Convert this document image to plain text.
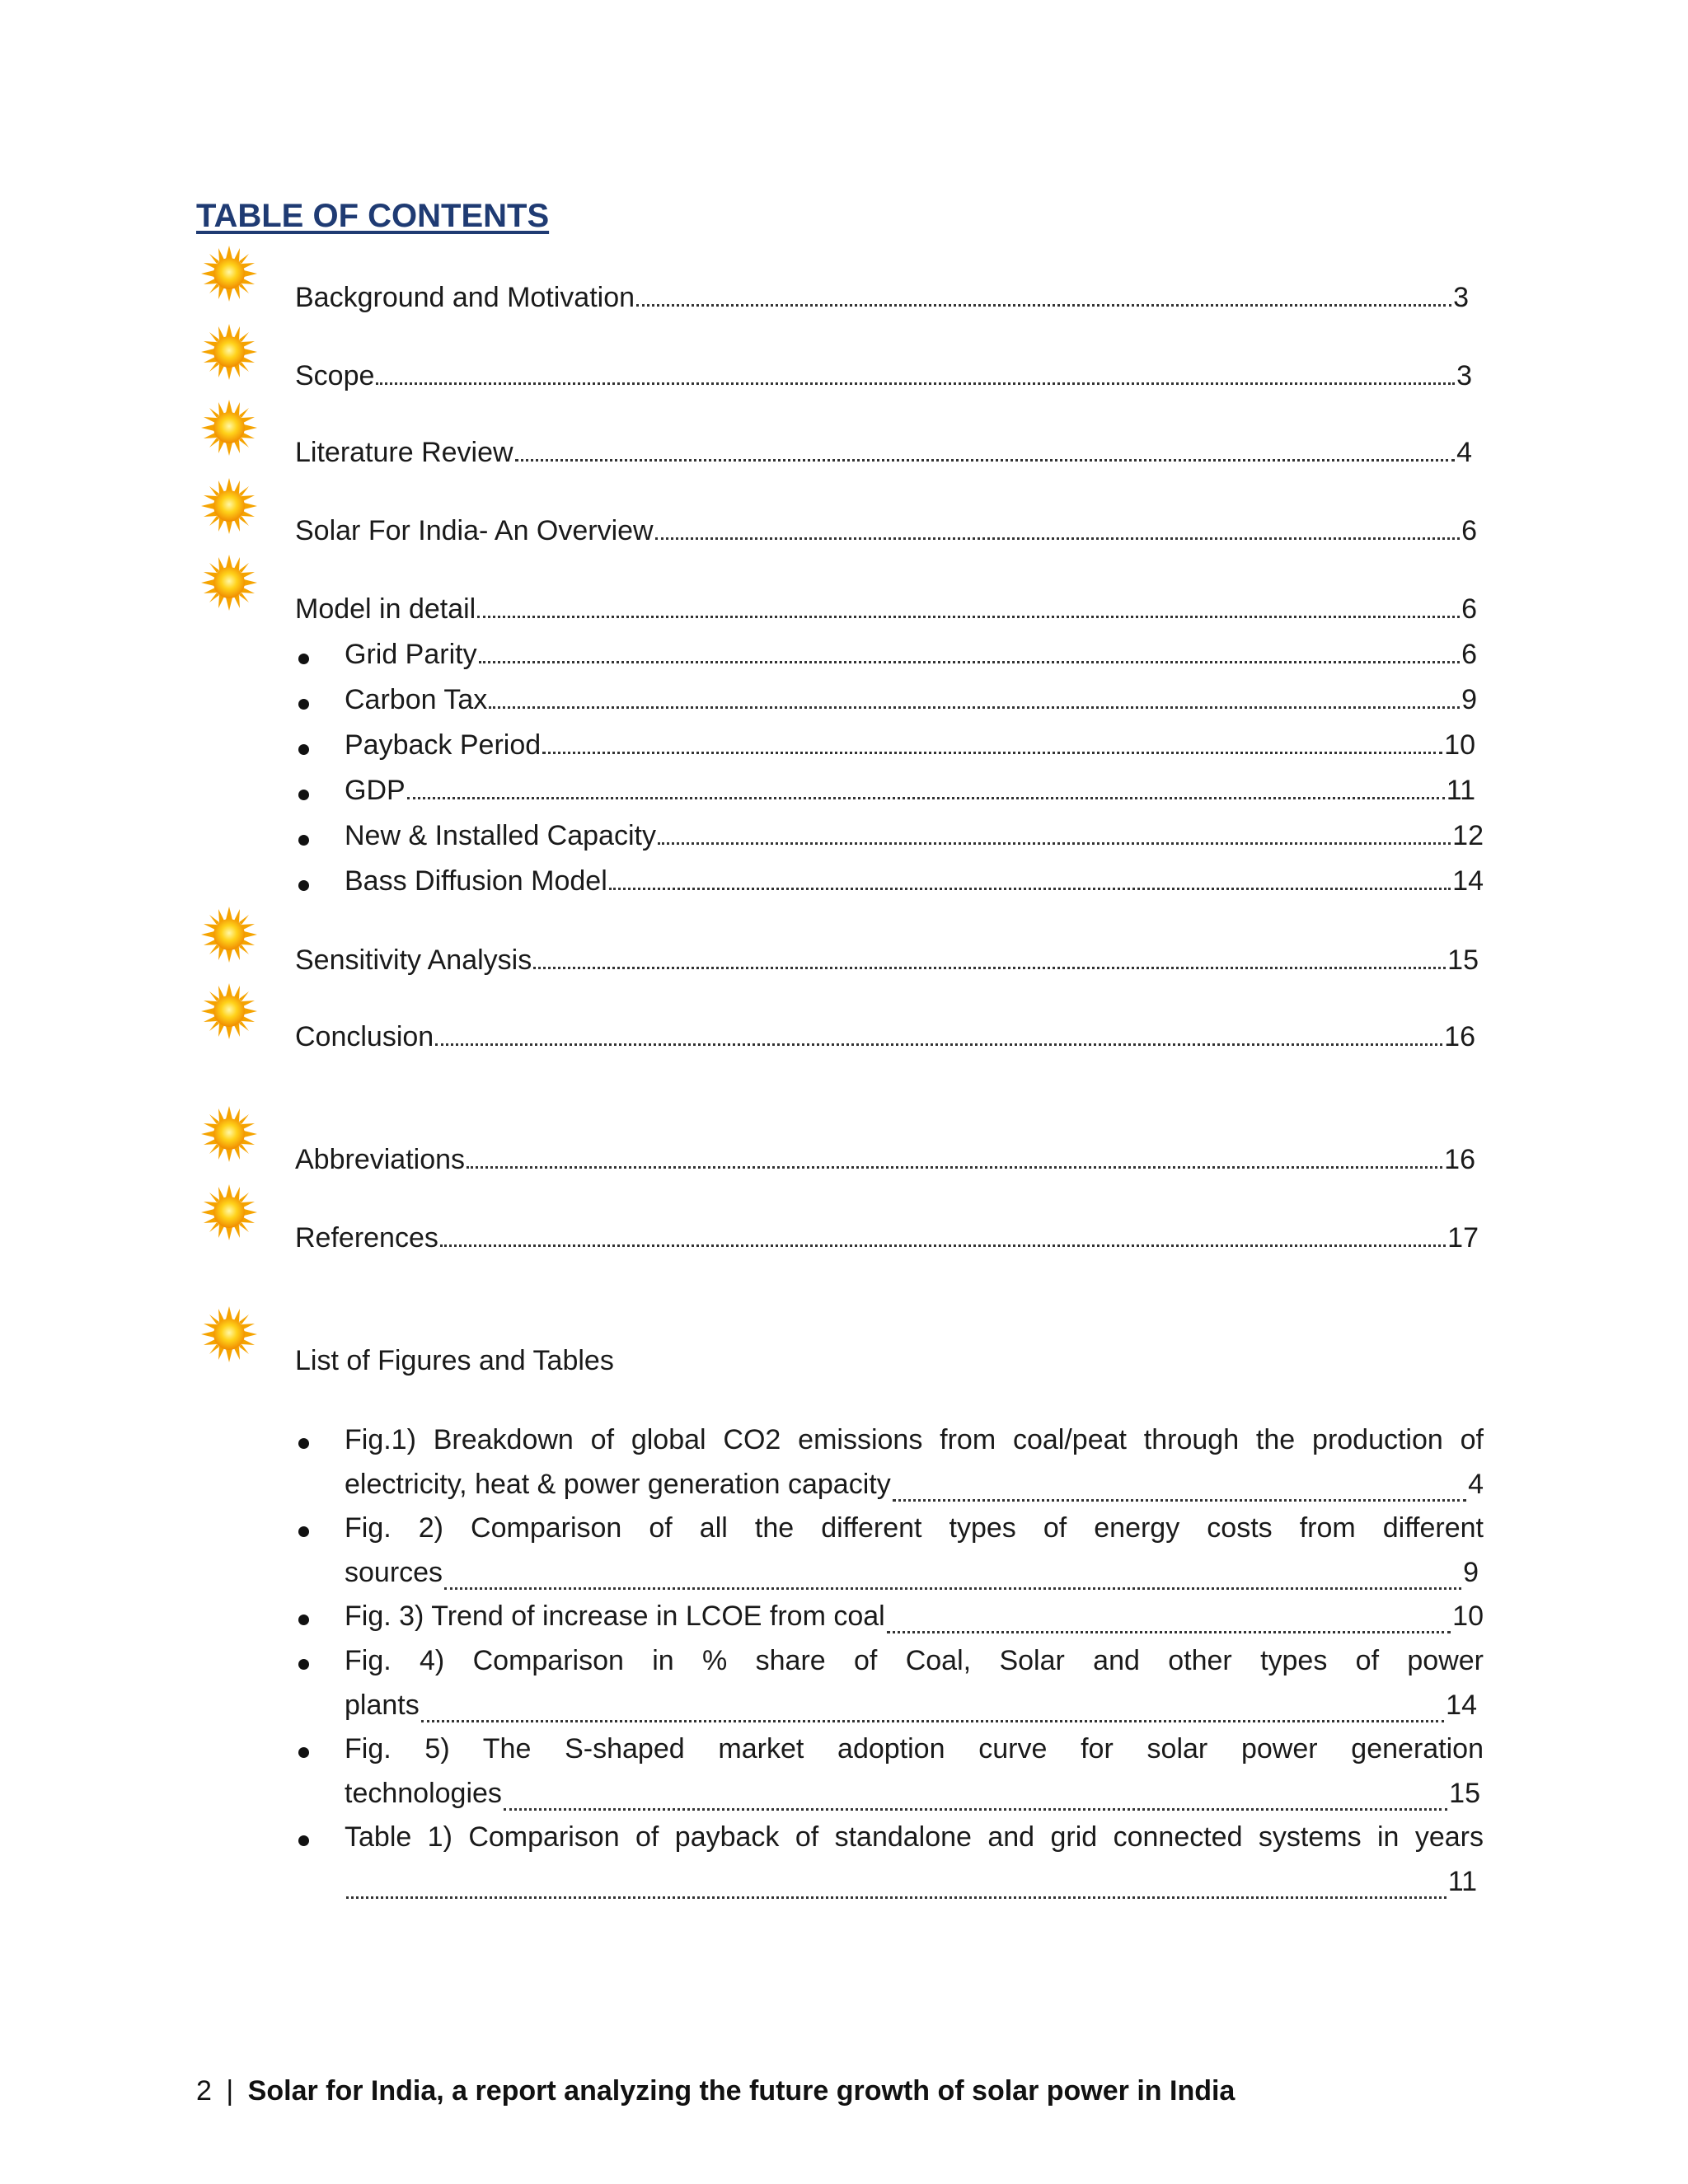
TABLE OF CONTENTS
Background and Motivation	3
Scope	3
Literature Review	4
Solar For India- An Overview	6
Model in detail	6
Grid Parity	6
Carbon Tax	9
Payback Period	10
GDP	11
New & Installed Capacity	12
Bass Diffusion Model	14
Sensitivity Analysis	15
Conclusion	16
Abbreviations	16
References	17
List of Figures and Tables
Fig.1) Breakdown of global CO2 emissions from coal/peat through the production of
electricity, heat & power generation capacity	4
Fig. 2) Comparison of all the different types of energy costs from different
sources	9
Fig. 3) Trend of increase in LCOE from coal	10
Fig. 4) Comparison in % share of Coal, Solar and other types of power
plants	14
Fig. 5) The S-shaped market adoption curve for solar power generation
technologies	15
Table 1) Comparison of payback of standalone and grid connected systems in years
11
2 | Solar for India, a report analyzing the future growth of solar power in India
